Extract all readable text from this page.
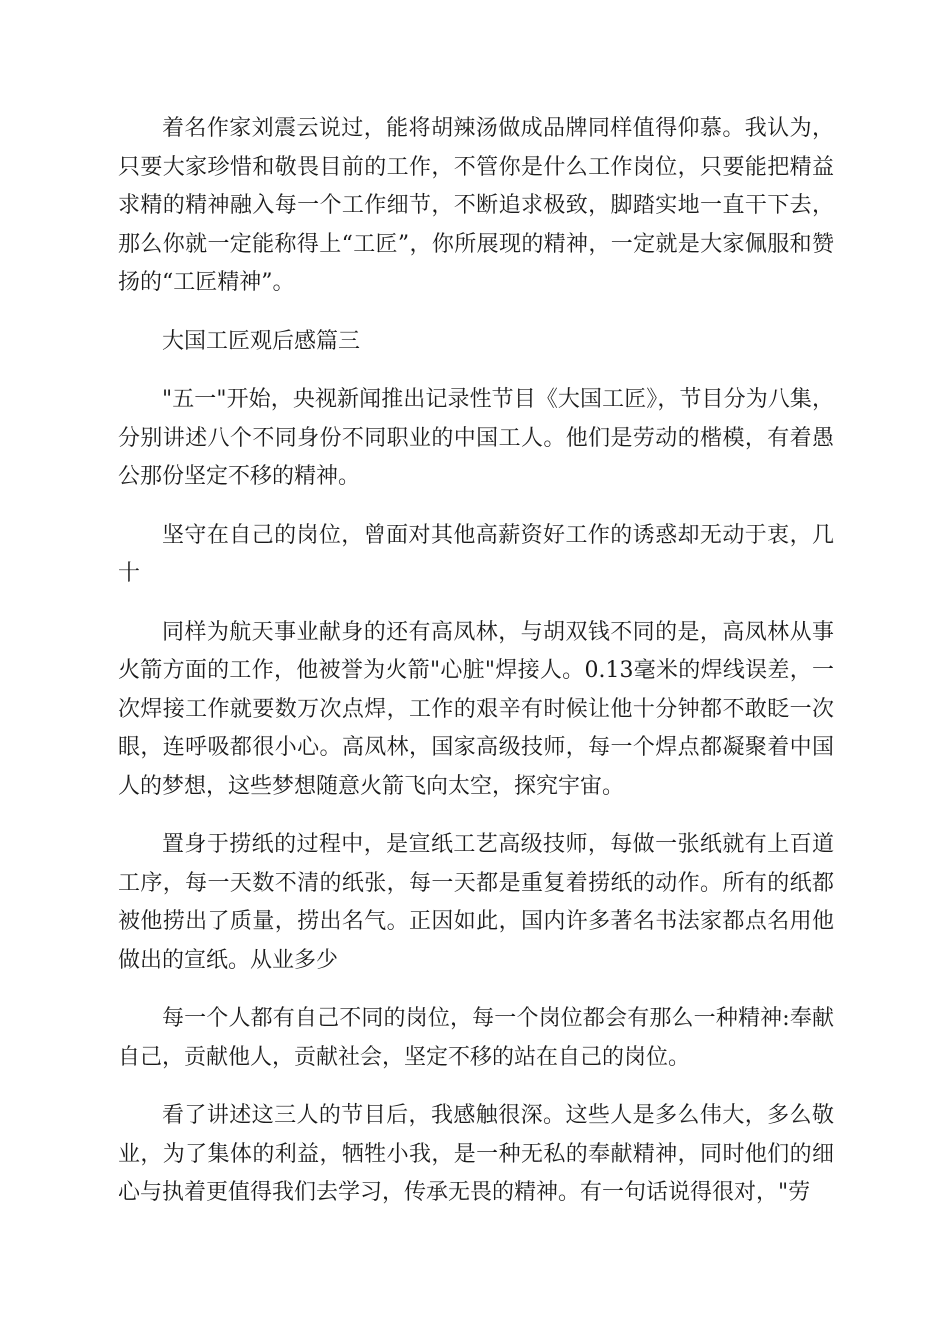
着名作家刘震云说过，能将胡辣汤做成品牌同样值得仰慕。我认为，只要大家珍惜和敬畏目前的工作，不管你是什么工作岗位，只要能把精益求精的精神融入每一个工作细节，不断追求极致，脚踏实地一直干下去，那么你就一定能称得上“工匠”，你所展现的精神，一定就是大家佩服和赞扬的“工匠精神”。

大国工匠观后感篇三

"五一"开始，央视新闻推出记录性节目《大国工匠》，节目分为八集，分别讲述八个不同身份不同职业的中国工人。他们是劳动的楷模，有着愚公那份坚定不移的精神。

坚守在自己的岗位，曾面对其他高薪资好工作的诱惑却无动于衷，几十

同样为航天事业献身的还有高凤林，与胡双钱不同的是，高凤林从事火箭方面的工作，他被誉为火箭"心脏"焊接人。0.13毫米的焊线误差，一次焊接工作就要数万次点焊，工作的艰辛有时候让他十分钟都不敢眨一次眼，连呼吸都很小心。高凤林，国家高级技师，每一个焊点都凝聚着中国人的梦想，这些梦想随意火箭飞向太空，探究宇宙。

置身于捞纸的过程中，是宣纸工艺高级技师，每做一张纸就有上百道工序，每一天数不清的纸张，每一天都是重复着捞纸的动作。所有的纸都被他捞出了质量，捞出名气。正因如此，国内许多著名书法家都点名用他做出的宣纸。从业多少

每一个人都有自己不同的岗位，每一个岗位都会有那么一种精神:奉献自己，贡献他人，贡献社会，坚定不移的站在自己的岗位。

看了讲述这三人的节目后，我感触很深。这些人是多么伟大，多么敬业，为了集体的利益，牺牲小我，是一种无私的奉献精神，同时他们的细心与执着更值得我们去学习，传承无畏的精神。有一句话说得很对，"劳
